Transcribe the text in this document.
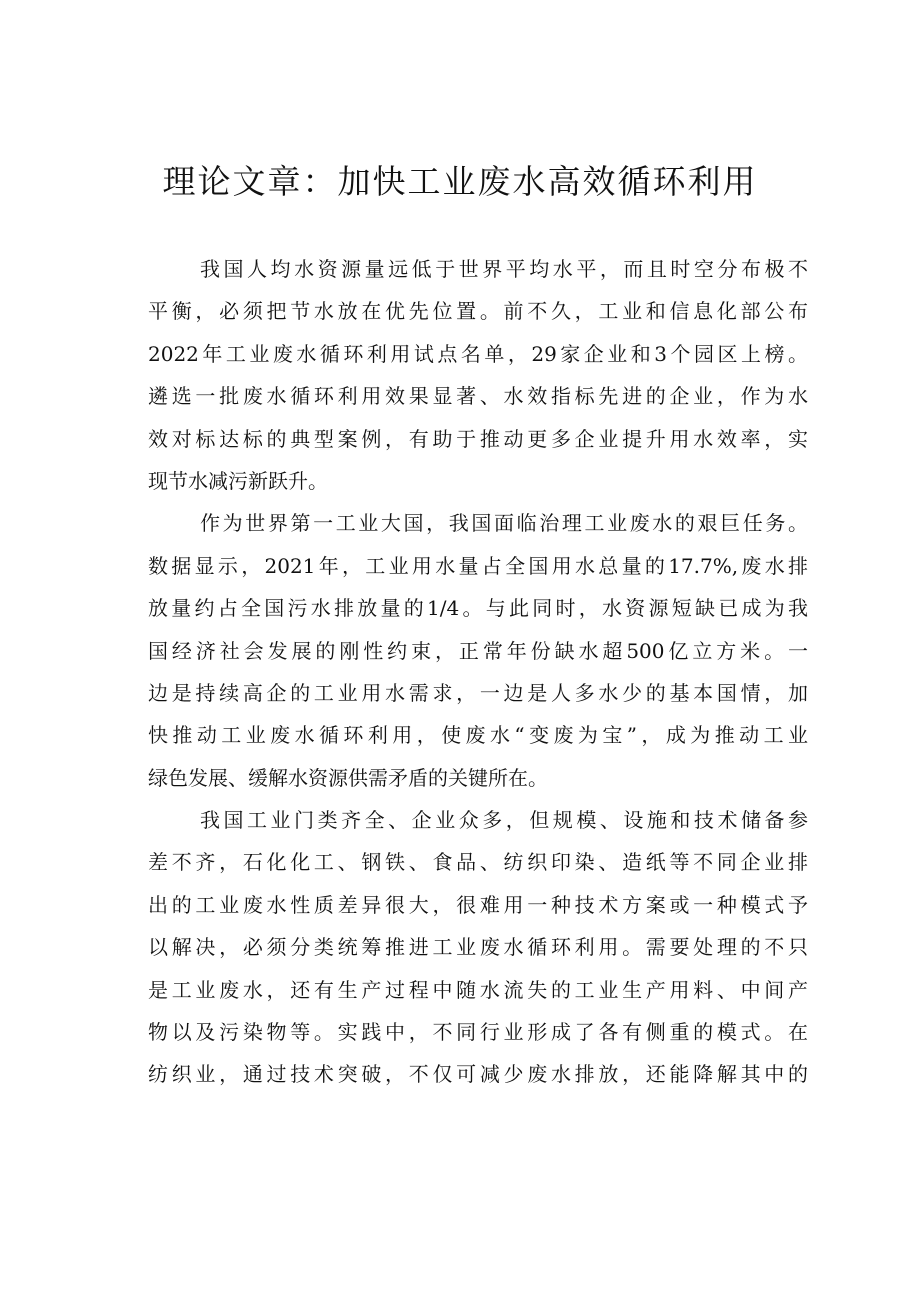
理论文章：加快工业废水高效循环利用
我国人均水资源量远低于世界平均水平，而且时空分布极不
平衡，必须把节水放在优先位置。前不久，工业和信息化部公布
2022年工业废水循环利用试点名单，29家企业和3个园区上榜。
遴选一批废水循环利用效果显著、水效指标先进的企业，作为水
效对标达标的典型案例，有助于推动更多企业提升用水效率，实
现节水减污新跃升。
作为世界第一工业大国，我国面临治理工业废水的艰巨任务。
数据显示，2021年，工业用水量占全国用水总量的17.7%,废水排
放量约占全国污水排放量的1/4。与此同时，水资源短缺已成为我
国经济社会发展的刚性约束，正常年份缺水超500亿立方米。一
边是持续高企的工业用水需求，一边是人多水少的基本国情，加
快推动工业废水循环利用，使废水“变废为宝”，成为推动工业
绿色发展、缓解水资源供需矛盾的关键所在。
我国工业门类齐全、企业众多，但规模、设施和技术储备参
差不齐，石化化工、钢铁、食品、纺织印染、造纸等不同企业排
出的工业废水性质差异很大，很难用一种技术方案或一种模式予
以解决，必须分类统筹推进工业废水循环利用。需要处理的不只
是工业废水，还有生产过程中随水流失的工业生产用料、中间产
物以及污染物等。实践中，不同行业形成了各有侧重的模式。在
纺织业，通过技术突破，不仅可减少废水排放，还能降解其中的
